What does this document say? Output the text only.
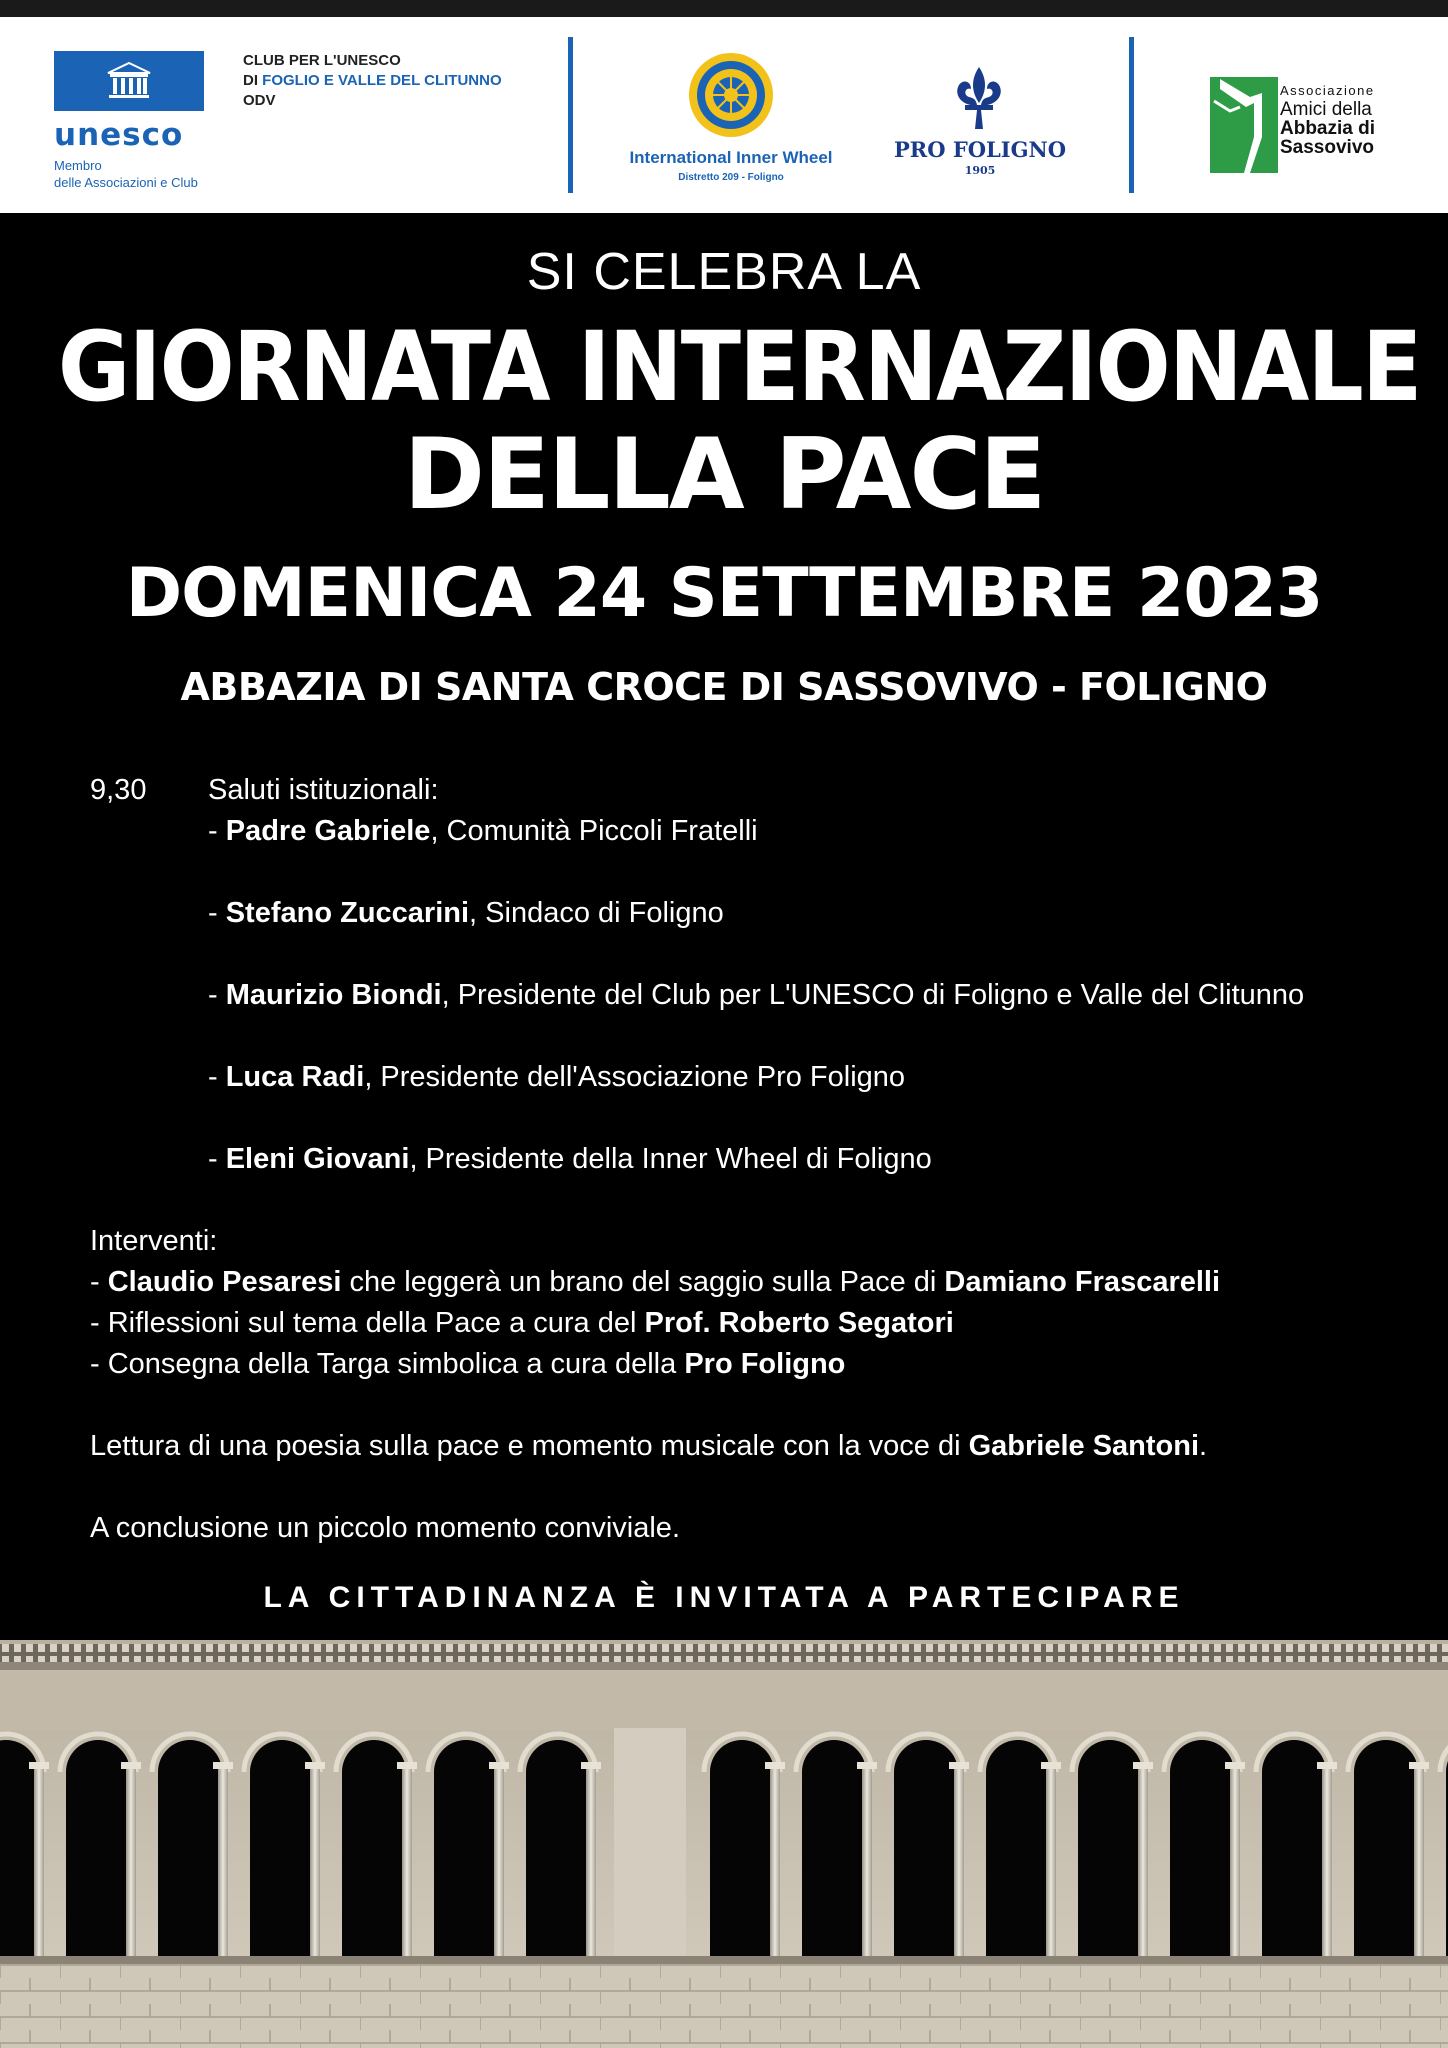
unesco
Membro
delle Associazioni e Club
CLUB PER L'UNESCO
DI FOGLIO E VALLE DEL CLITUNNO
ODV
International Inner Wheel
Distretto 209 - Foligno
PRO FOLIGNO
1905
Associazione
Amici della
Abbazia di
Sassovivo
SI CELEBRA LA
GIORNATA INTERNAZIONALE
DELLA PACE
DOMENICA 24 SETTEMBRE 2023
ABBAZIA DI SANTA CROCE DI SASSOVIVO - FOLIGNO
9,30 Saluti istituzionali:
- Padre Gabriele, Comunità Piccoli Fratelli
- Stefano Zuccarini, Sindaco di Foligno
- Maurizio Biondi, Presidente del Club per L'UNESCO di Foligno e Valle del Clitunno
- Luca Radi, Presidente dell'Associazione Pro Foligno
- Eleni Giovani, Presidente della Inner Wheel di Foligno
Interventi:
- Claudio Pesaresi che leggerà un brano del saggio sulla Pace di Damiano Frascarelli
- Riflessioni sul tema della Pace a cura del Prof. Roberto Segatori
- Consegna della Targa simbolica a cura della Pro Foligno
Lettura di una poesia sulla pace e momento musicale con la voce di Gabriele Santoni.
A conclusione un piccolo momento conviviale.
LA CITTADINANZA È INVITATA A PARTECIPARE
